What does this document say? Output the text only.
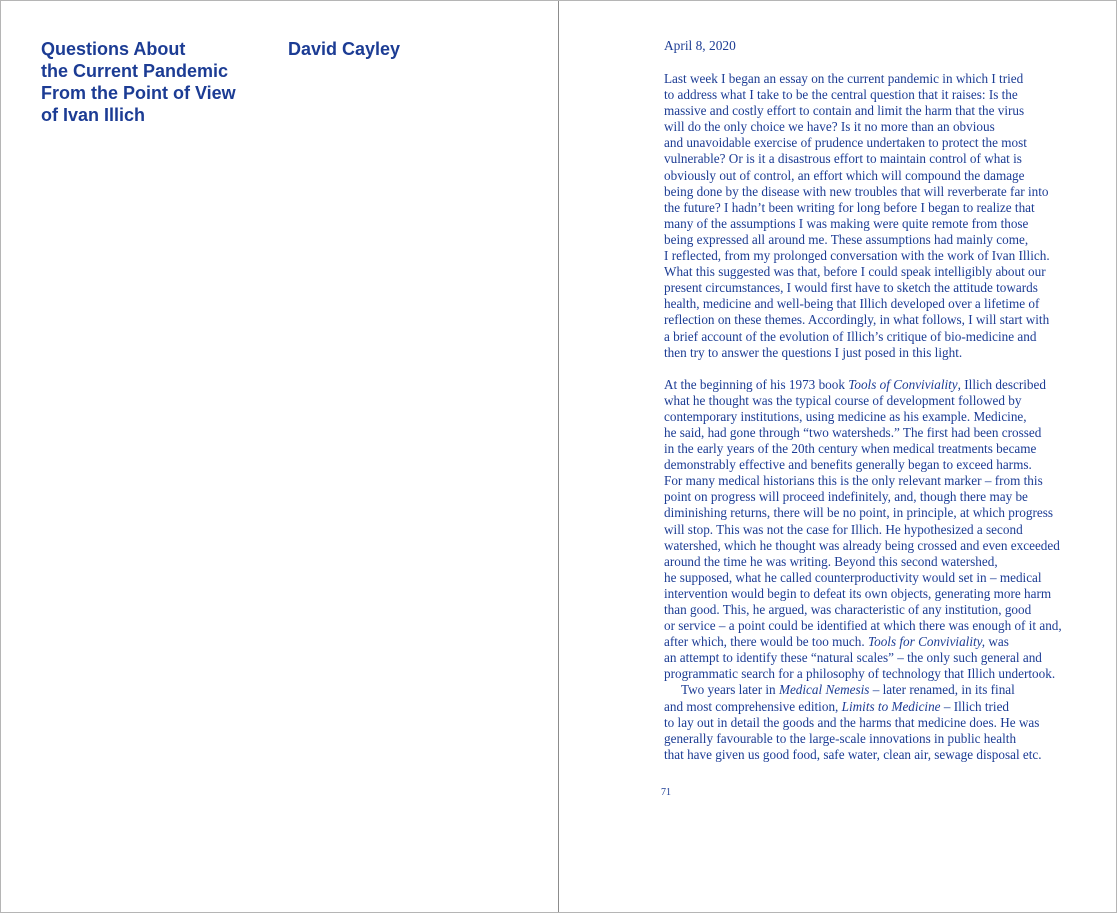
Questions About
the Current Pandemic
From the Point of View
of Ivan Illich
David Cayley	April 8, 2020
Last week I began an essay on the current pandemic in which I tried
to address what I take to be the central question that it raises: Is the
massive and costly effort to contain and limit the harm that the virus
will do the only choice we have? Is it no more than an obvious
and unavoidable exercise of prudence undertaken to protect the most
vulnerable? Or is it a disastrous effort to maintain control of what is
obviously out of control, an effort which will compound the damage
being done by the disease with new troubles that will reverberate far into
the future? I hadn’t been writing for long before I began to realize that
many of the assumptions I was making were quite remote from those
being expressed all around me. These assumptions had mainly come,
I reflected, from my prolonged conversation with the work of Ivan Illich.
What this suggested was that, before I could speak intelligibly about our
present circumstances, I would first have to sketch the attitude towards
health, medicine and well-being that Illich developed over a lifetime of
reflection on these themes. Accordingly, in what follows, I will start with
a brief account of the evolution of Illich’s critique of bio-medicine and
then try to answer the questions I just posed in this light.
At the beginning of his 1973 book Tools of Conviviality, Illich described
what he thought was the typical course of development followed by
contemporary institutions, using medicine as his example. Medicine,
he said, had gone through “two watersheds.” The first had been crossed
in the early years of the 20th century when medical treatments became
demonstrably effective and benefits generally began to exceed harms.
For many medical historians this is the only relevant marker – from this
point on progress will proceed indefinitely, and, though there may be
diminishing returns, there will be no point, in principle, at which progress
will stop. This was not the case for Illich. He hypothesized a second
watershed, which he thought was already being crossed and even exceeded
around the time he was writing. Beyond this second watershed,
he supposed, what he called counterproductivity would set in – medical
intervention would begin to defeat its own objects, generating more harm
than good. This, he argued, was characteristic of any institution, good
or service – a point could be identified at which there was enough of it and,
after which, there would be too much. Tools for Conviviality, was
an attempt to identify these “natural scales” – the only such general and
programmatic search for a philosophy of technology that Illich undertook.
Two years later in Medical Nemesis – later renamed, in its final
and most comprehensive edition, Limits to Medicine – Illich tried
to lay out in detail the goods and the harms that medicine does. He was
generally favourable to the large-scale innovations in public health
that have given us good food, safe water, clean air, sewage disposal etc.
71
